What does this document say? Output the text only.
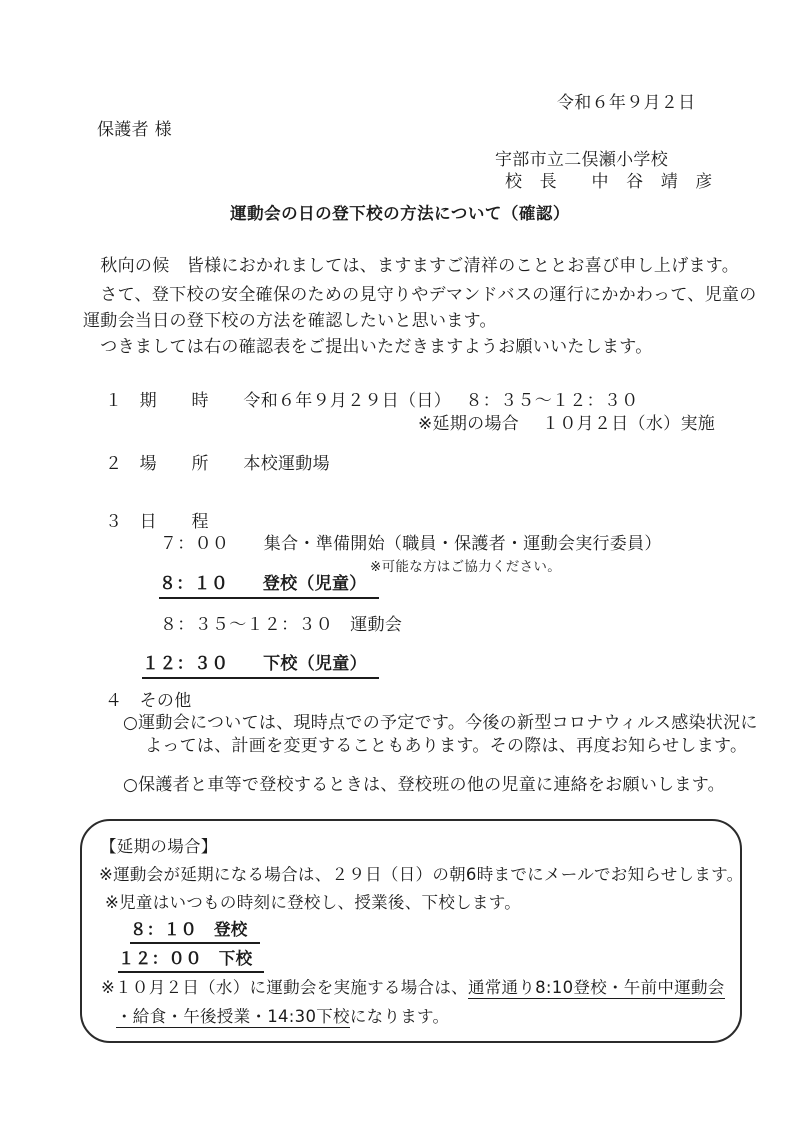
令和６年９月２日
保護者 様
宇部市立二俣瀬小学校
校　長　　中　谷　靖　彦
運動会の日の登下校の方法について（確認）
　秋向の候　皆様におかれましては、ますますご清祥のこととお喜び申し上げます。
　さて、登下校の安全確保のための見守りやデマンドバスの運行にかかわって、児童の
運動会当日の登下校の方法を確認したいと思います。
　つきましては右の確認表をご提出いただきますようお願いいたします。
１　期　　時　　令和６年９月２９日（日）　 ８：３５～１２：３０
※延期の場合　 １０月２日（水）実施
２　場　　所　　本校運動場
３　日　　程
７：００　　集合・準備開始（職員・保護者・運動会実行委員）
※可能な方はご協力ください。
８：１０　　登校（児童）
８：３５～１２：３０　運動会
１２：３０　　下校（児童）
４　その他
○運動会については、現時点での予定です。今後の新型コロナウィルス感染状況に
よっては、計画を変更することもあります。その際は、再度お知らせします。
○保護者と車等で登校するときは、登校班の他の児童に連絡をお願いします。
【延期の場合】
※運動会が延期になる場合は、２９日（日）の朝6時までにメールでお知らせします。
※児童はいつもの時刻に登校し、授業後、下校します。
８：１０　登校
１２：００　下校
※１０月２日（水）に運動会を実施する場合は、通常通り8:10登校・午前中運動会
・給食・午後授業・14:30下校になります。
